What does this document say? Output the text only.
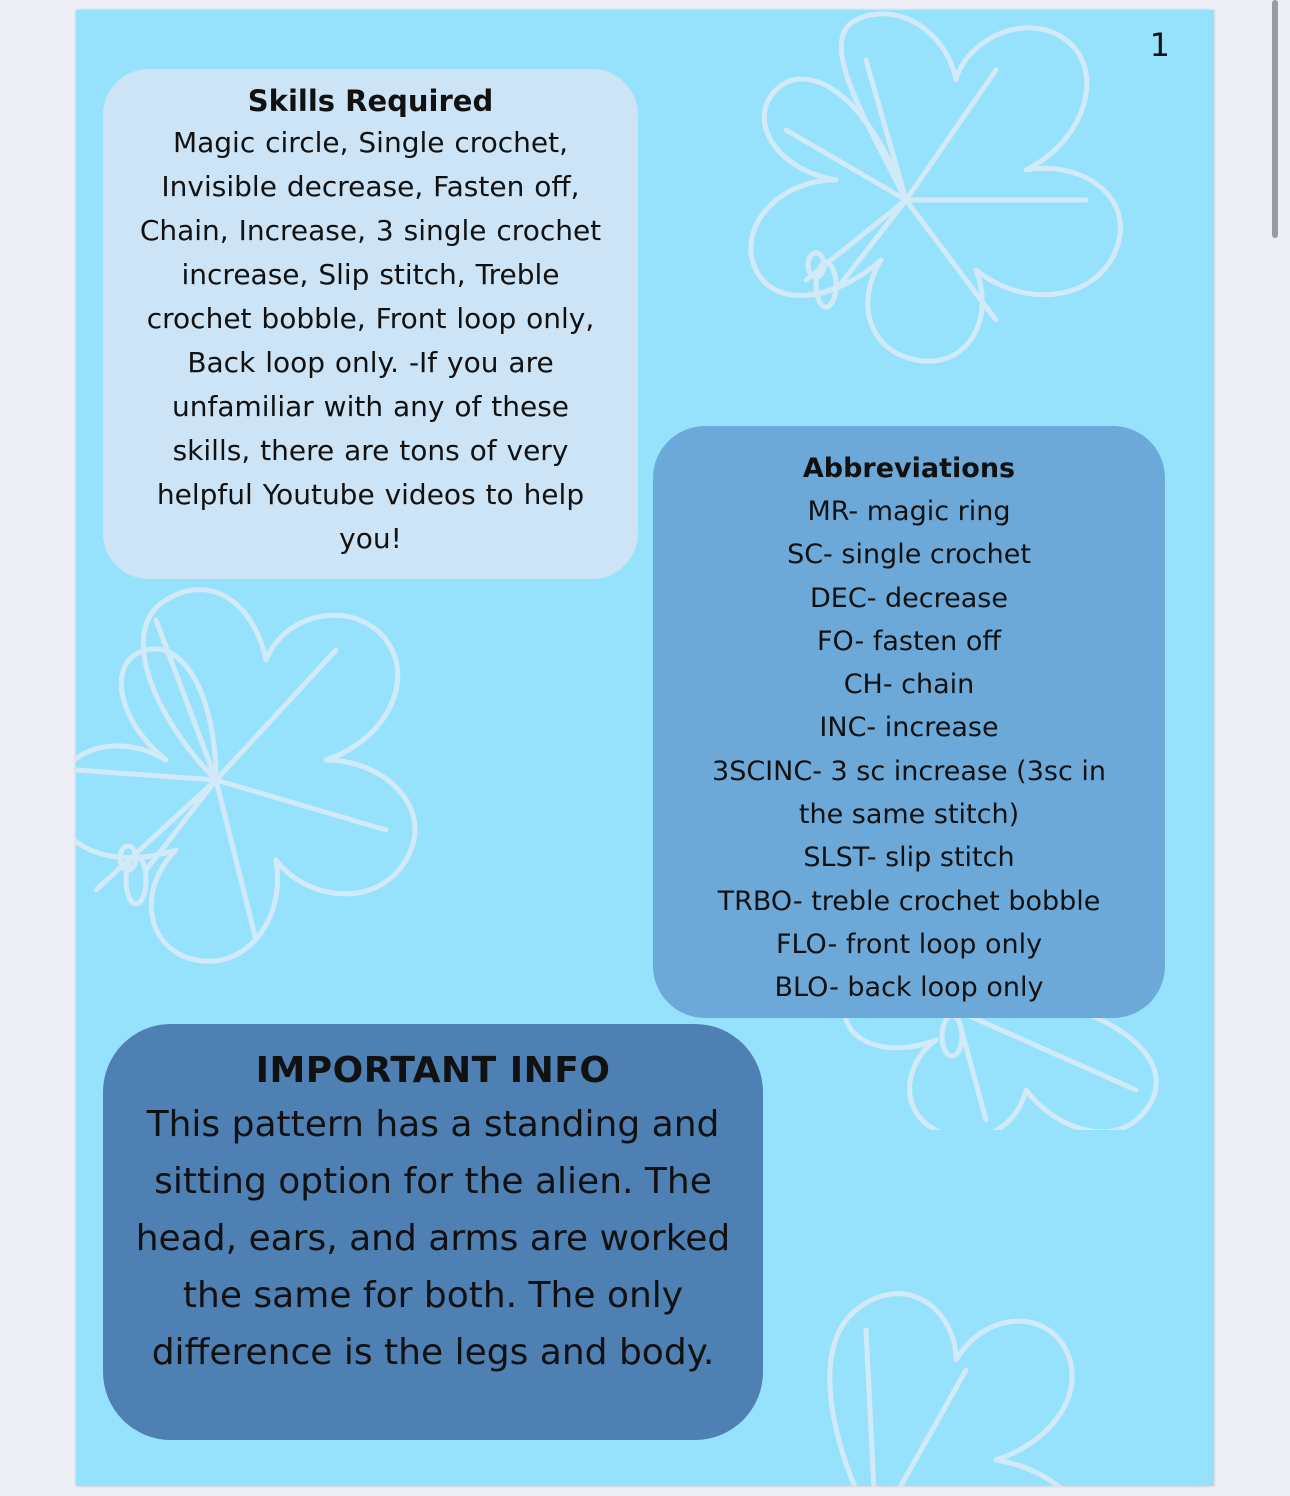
1
Skills Required

Magic circle, Single crochet, Invisible decrease, Fasten off, Chain, Increase, 3 single crochet increase, Slip stitch, Treble crochet bobble, Front loop only, Back loop only. -If you are unfamiliar with any of these skills, there are tons of very helpful Youtube videos to help you!

Abbreviations
MR- magic ring
SC- single crochet
DEC- decrease
FO- fasten off
CH- chain
INC- increase
3SCINC- 3 sc increase (3sc in
the same stitch)
SLST- slip stitch
TRBO- treble crochet bobble
FLO- front loop only
BLO- back loop only
IMPORTANT INFO

This pattern has a standing and sitting option for the alien. The head, ears, and arms are worked the same for both. The only difference is the legs and body.
